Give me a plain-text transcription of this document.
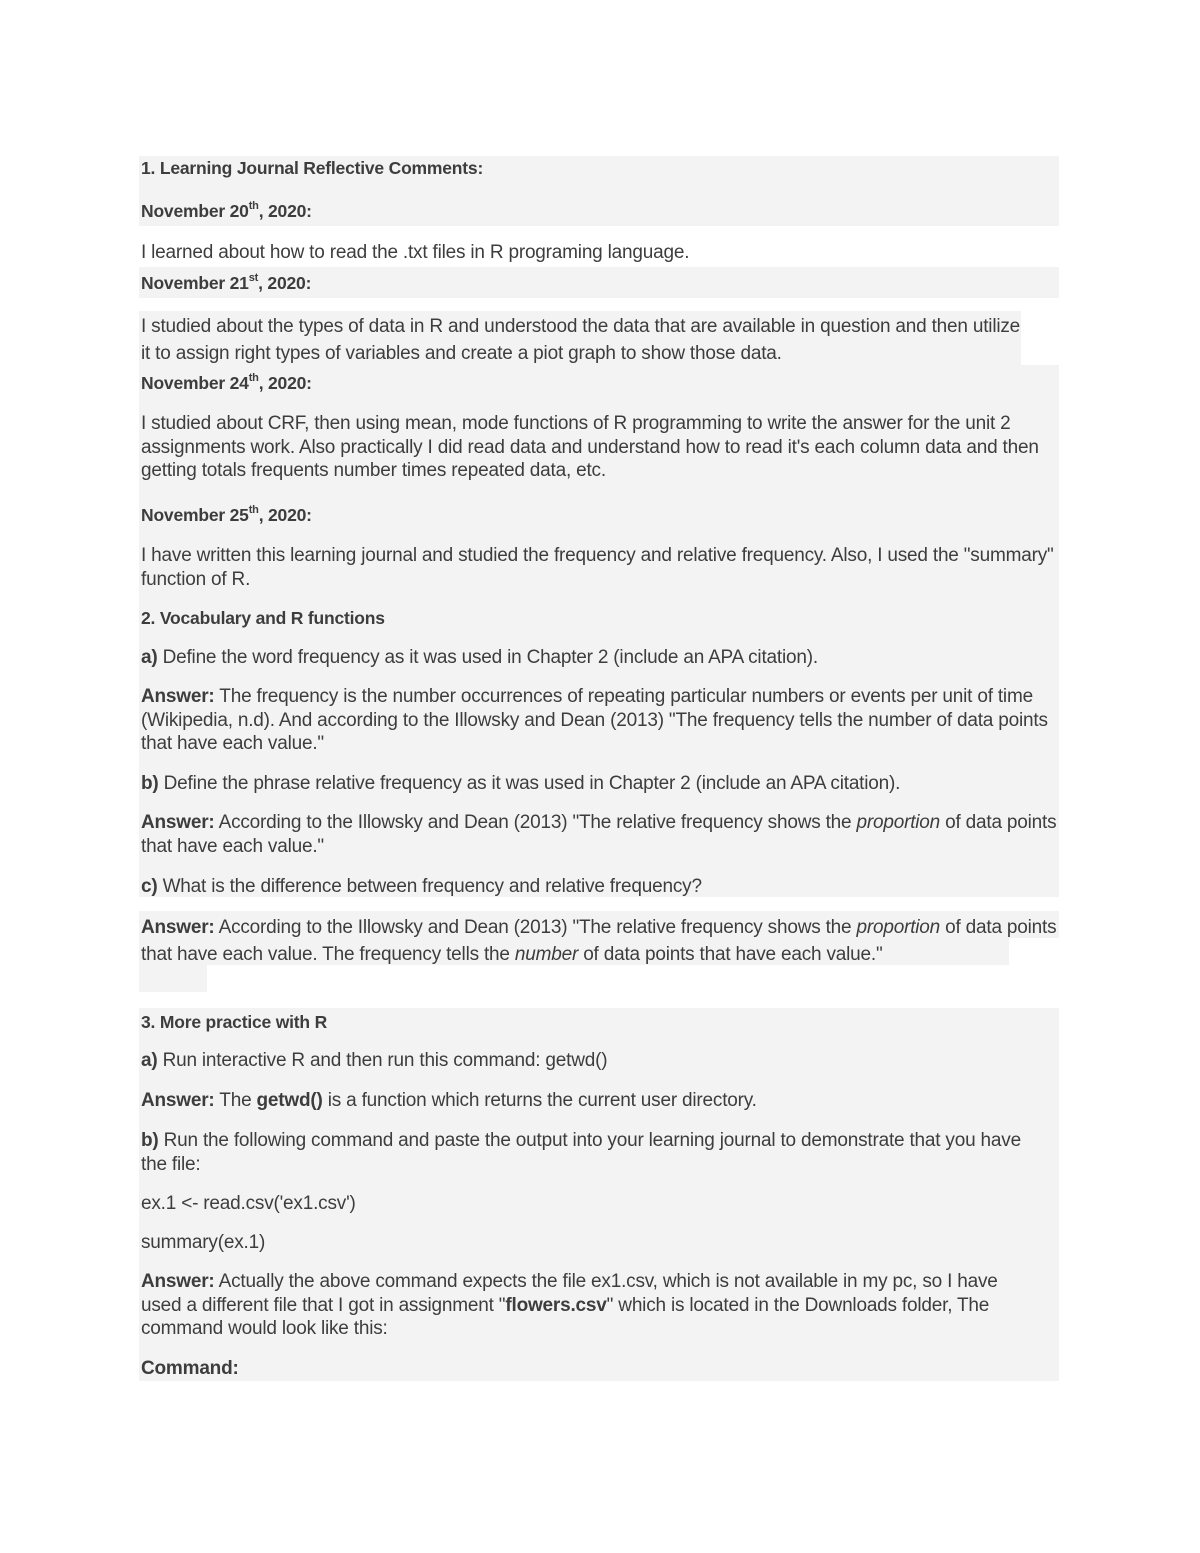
1. Learning Journal Reflective Comments:
November 20th, 2020:
I learned about how to read the .txt files in R programing language.
November 21st, 2020:
I studied about the types of data in R and understood the data that are available in question and then utilize it to assign right types of variables and create a piot graph to show those data.
November 24th, 2020:
I studied about CRF, then using mean, mode functions of R programming to write the answer for the unit 2 assignments work. Also practically I did read data and understand how to read it's each column data and then getting totals frequents number times repeated data, etc.
November 25th, 2020:
I have written this learning journal and studied the frequency and relative frequency. Also, I used the "summary" function of R.
2. Vocabulary and R functions
a) Define the word frequency as it was used in Chapter 2 (include an APA citation).
Answer: The frequency is the number occurrences of repeating particular numbers or events per unit of time (Wikipedia, n.d). And according to the Illowsky and Dean (2013) "The frequency tells the number of data points that have each value."
b) Define the phrase relative frequency as it was used in Chapter 2 (include an APA citation).
Answer: According to the Illowsky and Dean (2013) "The relative frequency shows the proportion of data points that have each value."
c) What is the difference between frequency and relative frequency?
Answer: According to the Illowsky and Dean (2013) "The relative frequency shows the proportion of data points that have each value. The frequency tells the number of data points that have each value."
3. More practice with R
a) Run interactive R and then run this command: getwd()
Answer: The getwd() is a function which returns the current user directory.
b) Run the following command and paste the output into your learning journal to demonstrate that you have the file:
ex.1 <- read.csv('ex1.csv')
summary(ex.1)
Answer: Actually the above command expects the file ex1.csv, which is not available in my pc, so I have used a different file that I got in assignment "flowers.csv" which is located in the Downloads folder, The command would look like this:
Command:
